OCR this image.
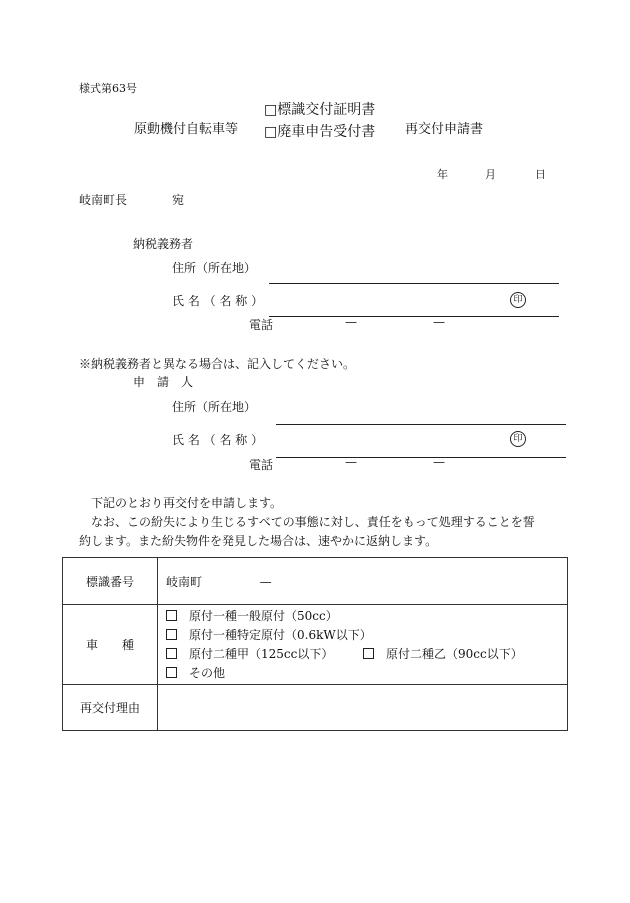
様式第63号
原動機付自転車等
□標識交付証明書
□廃車申告受付書 再交付申請書
年	月	日
岐南町長	宛
納税義務者
住所（所在地）
氏 名 （ 名 称 ）	印
電話	—	—
※納税義務者と異なる場合は、記入してください。
申　請　人
住所（所在地）
氏 名 （ 名 称 ）	印
電話	—	—
下記のとおり再交付を申請します。
なお、この紛失により生じるすべての事態に対し、責任をもって処理することを誓
約します。また紛失物件を発見した場合は、速やかに返納します。
標識番号	岐南町 —
車　　種	原付一種一般原付（50cc）
原付一種特定原付（0.6kW以下）
原付二種甲（125cc以下） 原付二種乙（90cc以下）
その他

再交付理由	
